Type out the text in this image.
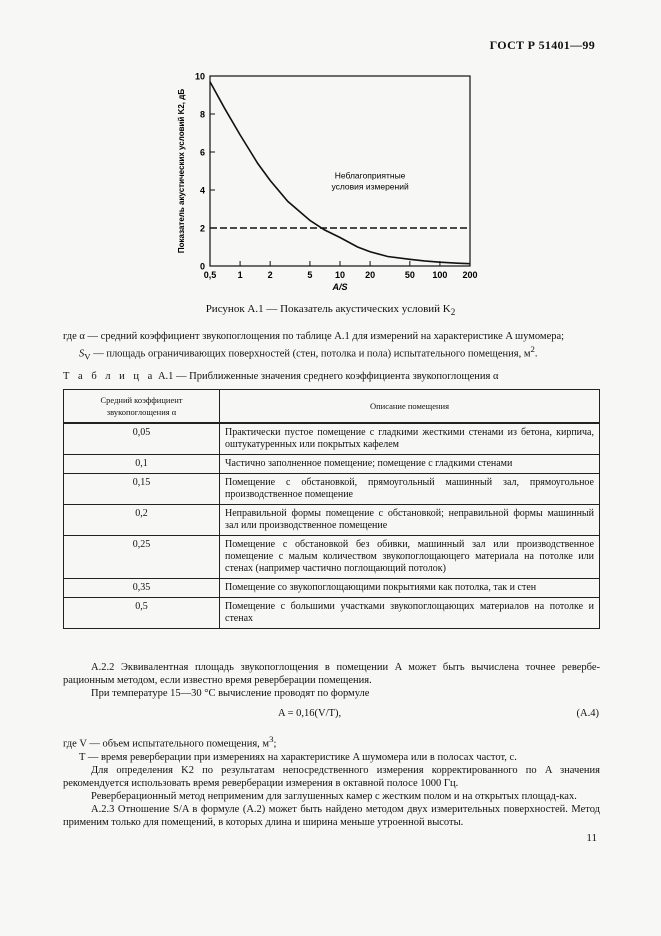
ГОСТ Р 51401—99
0
2
4
6
8
10
0,5 1	2	5	10 20	50 100 200
A/S
Показатель акустических условий K2, дБ	Неблагоприятные
условия измерений
Рисунок А.1 — Показатель акустических условий $K_2$

где α — средний коэффициент звукопоглощения по таблице А.1 для измерений на характеристике A шумомера;

$S_V$ — площадь ограничивающих поверхностей (стен, потолка и пола) испытательного помещения, $м^2$.

Т а б л и ц а А.1 — Приближенные значения среднего коэффициента звукопоглощения α
Средний коэффициент звукопоглощения α	Описание помещения
0,05	Практически пустое помещение с гладкими жесткими стенами из бетона, кирпича, оштукатуренных или покрытых кафелем
0,1	Частично заполненное помещение; помещение с гладкими стенами
0,15	Помещение с обстановкой, прямоугольный машинный зал, прямоугольное производственное помещение
0,2	Неправильной формы помещение с обстановкой; неправильной формы машинный зал или производственное помещение
0,25	Помещение с обстановкой без обивки, машинный зал или производственное помещение с малым количеством звукопоглощающего материала на потолке или стенах (например частично поглощающий потолок)
0,35	Помещение со звукопоглощающими покрытиями как потолка, так и стен
0,5	Помещение с большими участками звукопоглощающих материалов на потолке и стенах

А.2.2 Эквивалентная площадь звукопоглощения в помещении A может быть вычислена точнее ревербе-рационным методом, если известно время реверберации помещения.

При температуре 15—30 °С вычисление проводят по формуле

A = 0,16(V/T),	(А.4)

где V — объем испытательного помещения, $м^3$;

T — время реверберации при измерениях на характеристике A шумомера или в полосах частот, с.

Для определения K2 по результатам непосредственного измерения корректированного по A значения рекомендуется использовать время реверберации измерения в октавной полосе 1000 Гц.

Реверберационный метод неприменим для заглушенных камер с жестким полом и на открытых площад-ках.

А.2.3 Отношение S/A в формуле (А.2) может быть найдено методом двух измерительных поверхностей. Метод применим только для помещений, в которых длина и ширина меньше утроенной высоты.

11
